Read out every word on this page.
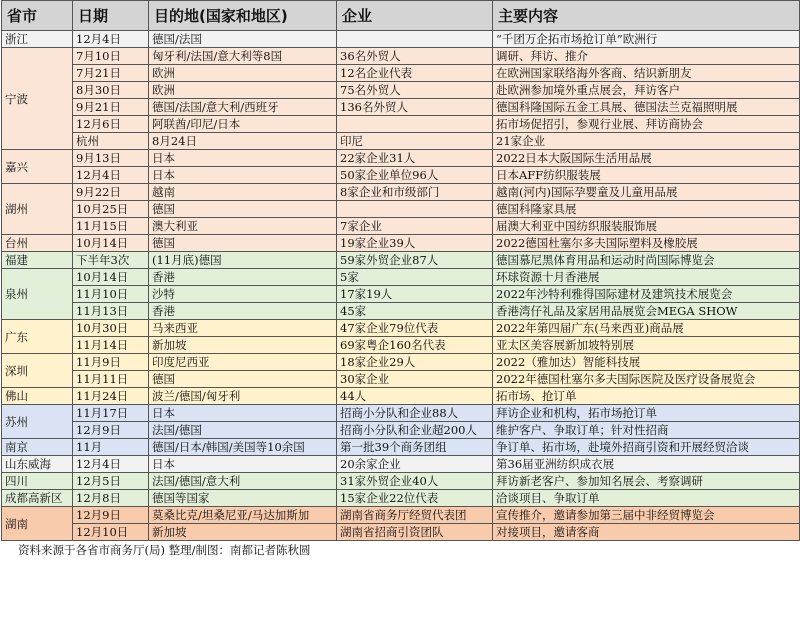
省市	日期	目的地(国家和地区)	企业	主要内容	
浙江	12月4日	德国/法国		“千团万企拓市场抢订单”欧洲行	
宁波	7月10日	匈牙利/法国/意大利等8国	36名外贸人	调研、拜访、推介	
	7月21日	欧洲	12名企业代表	在欧洲国家联络海外客商、结识新朋友	
	8月30日	欧洲	75名外贸人	赴欧洲参加境外重点展会，拜访客户	
	9月21日	德国/法国/意大利/西班牙	136名外贸人	德国科隆国际五金工具展、德国法兰克福照明展	
	12月6日	阿联酋/印尼/日本		拓市场促招引，参观行业展、拜访商协会	
	杭州	8月24日	印尼	21家企业	
嘉兴	9月13日	日本	22家企业31人	2022日本大阪国际生活用品展	
	12月4日	日本	50家企业单位96人	日本AFF纺织服装展	
湖州	9月22日	越南	8家企业和市级部门	越南(河内)国际孕婴童及儿童用品展	
	10月25日	德国		德国科隆家具展	
	11月15日	澳大利亚	7家企业	届澳大利亚中国纺织服装服饰展	
台州	10月14日	德国	19家企业39人	2022德国杜塞尔多夫国际塑料及橡胶展	
福建	下半年3次	(11月底)德国	59家外贸企业87人	德国慕尼黑体育用品和运动时尚国际博览会	
泉州	10月14日	香港	5家	环球资源十月香港展	
	11月10日	沙特	17家19人	2022年沙特利雅得国际建材及建筑技术展览会	
	11月13日	香港	45家	香港湾仔礼品及家居用品展览会MEGA SHOW	
广东	10月30日	马来西亚	47家企业79位代表	2022年第四届广东(马来西亚)商品展	
	11月14日	新加坡	69家粤企160名代表	亚太区美容展新加坡特别展	
深圳	11月9日	印度尼西亚	18家企业29人	2022（雅加达）智能科技展	
	11月11日	德国	30家企业	2022年德国杜塞尔多夫国际医院及医疗设备展览会	
佛山	11月24日	波兰/德国/匈牙利	44人	拓市场、抢订单	
苏州	11月17日	日本	招商小分队和企业88人	拜访企业和机构，拓市场抢订单	
	12月9日	法国/德国	招商小分队和企业超200人	维护客户、争取订单；针对性招商	
南京	11月	德国/日本/韩国/美国等10余国	第一批39个商务团组	争订单、拓市场，赴境外招商引资和开展经贸洽谈	
山东威海	12月4日	日本	20余家企业	第36届亚洲纺织成衣展	
四川	12月5日	法国/德国/意大利	31家外贸企业40人	拜访新老客户、参加知名展会、考察调研	
成都高新区	12月8日	德国等国家	15家企业22位代表	洽谈项目、争取订单	
湖南	12月9日	莫桑比克/坦桑尼亚/马达加斯加	湖南省商务厅经贸代表团	宣传推介，邀请参加第三届中非经贸博览会	
	12月10日	新加坡	湖南省招商引资团队	对接项目，邀请客商	
资料来源于各省市商务厅(局) 整理/制图：南都记者陈秋圆
